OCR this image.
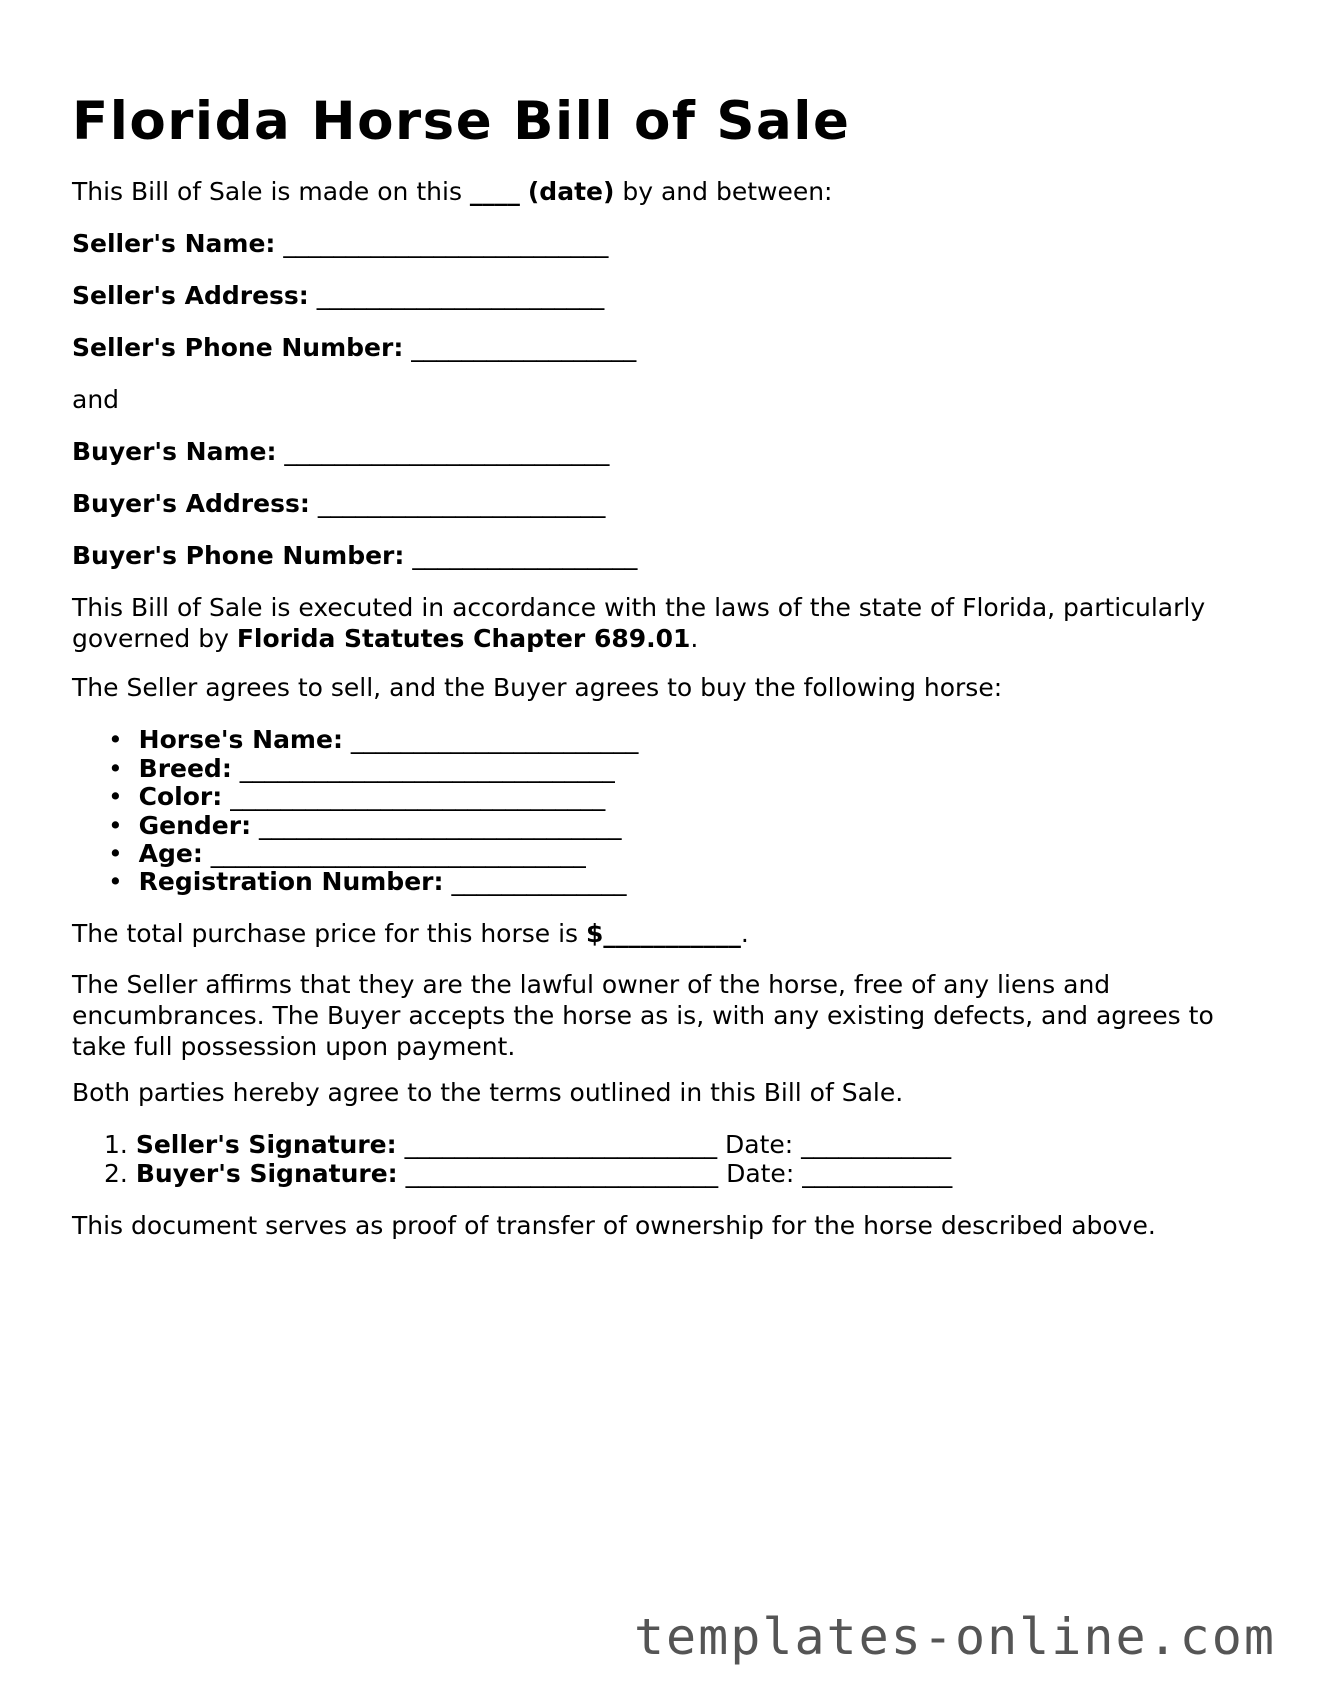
Florida Horse Bill of Sale

This Bill of Sale is made on this ____ (date) by and between:

Seller's Name: __________________________

Seller's Address: _______________________

Seller's Phone Number: __________________

and

Buyer's Name: __________________________

Buyer's Address: _______________________

Buyer's Phone Number: __________________

This Bill of Sale is executed in accordance with the laws of the state of Florida, particularly governed by Florida Statutes Chapter 689.01.

The Seller agrees to sell, and the Buyer agrees to buy the following horse:

•  Horse's Name: _______________________
•  Breed: ______________________________
•  Color: ______________________________
•  Gender: _____________________________
•  Age: ______________________________
•  Registration Number: ______________

The total purchase price for this horse is $___________.

The Seller affirms that they are the lawful owner of the horse, free of any liens and encumbrances. The Buyer accepts the horse as is, with any existing defects, and agrees to take full possession upon payment.

Both parties hereby agree to the terms outlined in this Bill of Sale.

1. Seller's Signature: _________________________ Date: ____________
2. Buyer's Signature: _________________________ Date: ____________

This document serves as proof of transfer of ownership for the horse described above.

templates-online.com
